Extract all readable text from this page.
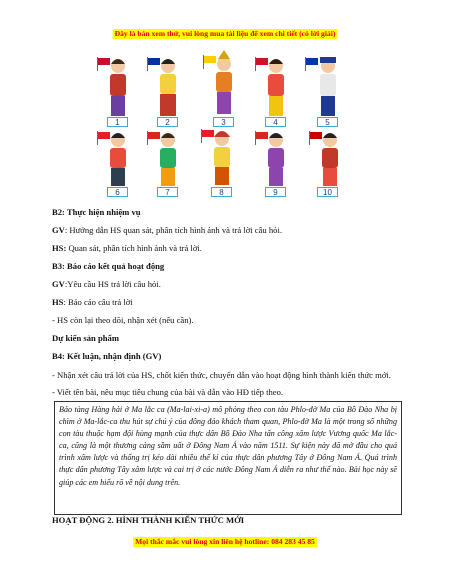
Đây là bản xem thử, vui lòng mua tài liệu để xem chi tiết (có lời giải)
1	2	3	4	5
6	7	8	9	10
B2: Thực hiện nhiệm vụ
GV: Hướng dẫn HS quan sát, phân tích hình ảnh và trả lời câu hỏi.
HS: Quan sát, phân tích hình ảnh và trả lời.
B3: Báo cáo kết quả hoạt động
GV:Yêu cầu HS trả lời câu hỏi.
HS: Báo cáo câu trả lời
- HS còn lại theo dõi, nhận xét (nếu cần).
Dự kiến sản phẩm
B4: Kết luận, nhận định (GV)
- Nhận xét câu trả lời của HS, chốt kiến thức, chuyển dẫn vào hoạt động hình thành kiến thức mới.
- Viết tên bài, nêu mục tiêu chung của bài và dẫn vào HĐ tiếp theo.
Bảo tàng Hàng hải ở Ma lắc ca (Ma-lai-xi-a) mô phỏng theo con tàu Phlo-đờ Ma của Bồ Đào Nha bị chìm ở Ma-lắc-ca thu hút sự chú ý của đông đảo khách tham quan, Phlo-đờ Ma là một trong số những con tàu thuộc hạm đội hùng mạnh của thực dân Bồ Đào Nha tấn công xâm lược Vương quốc Ma lắc-ca, cũng là một thương cảng sầm uất ở Đông Nam Á vào năm 1511. Sự kiện này đã mở đầu cho quá trình xâm lược và thống trị kéo dài nhiều thế kỉ của thực dân phương Tây ở Đông Nam Á. Quá trình thực dân phương Tây xâm lược và cai trị ở các nước Đông Nam Á diễn ra như thế nào. Bài học này sẽ giúp các em hiểu rõ về nội dung trên.
HOẠT ĐỘNG 2. HÌNH THÀNH KIẾN THỨC MỚI
Mọi thắc mắc vui lòng xin liên hệ hotline: 084 283 45 85
